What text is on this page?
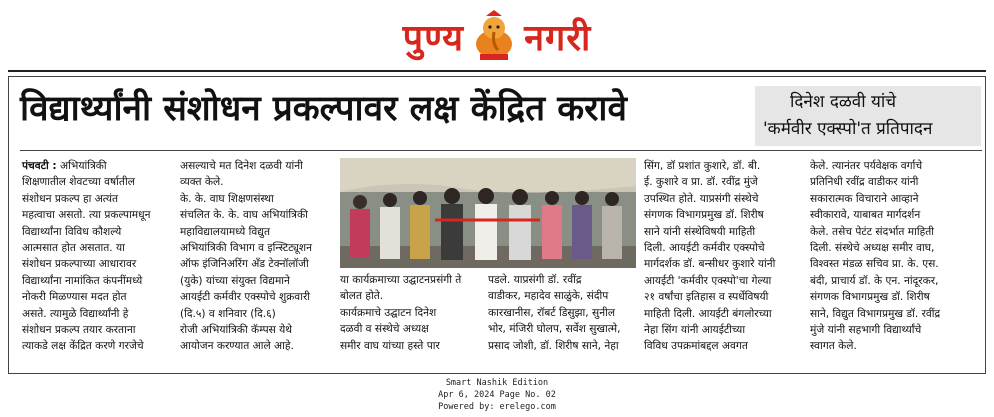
पुण्य नगरी
विद्यार्थ्यांनी संशोधन प्रकल्पावर लक्ष केंद्रित करावे	दिनेश दळवी यांचे
'कर्मवीर एक्स्पो'त प्रतिपादन
पंचवटी : अभियांत्रिकी
शिक्षणातील शेवटच्या वर्षातील
संशोधन प्रकल्प हा अत्यंत
महत्वाचा असतो. त्या प्रकल्पामधून
विद्यार्थ्यांना विविध कौशल्ये
आत्मसात होत असतात. या
संशोधन प्रकल्पाच्या आधारावर
विद्यार्थ्यांना नामांकित कंपनींमध्ये
नोकरी मिळण्यास मदत होत
असते. त्यामुळे विद्यार्थ्यांनी हे
संशोधन प्रकल्प तयार करताना
त्याकडे लक्ष केंद्रित करणे गरजेचे
असल्याचे मत दिनेश दळवी यांनी
व्यक्त केले.
के. के. वाघ शिक्षणसंस्था
संचलित के. के. वाघ अभियांत्रिकी
महाविद्यालयामध्ये विद्युत
अभियांत्रिकी विभाग व इन्स्टिट्यूशन
ऑफ इंजिनिअरिंग अँड टेक्नॉलॉजी
(युके) यांच्या संयुक्त विद्यमाने
आयईटी कर्मवीर एक्स्पोचे शुक्रवारी
(दि.५) व शनिवार (दि.६)
रोजी अभियांत्रिकी कॅम्पस येथे
आयोजन करण्यात आले आहे.
या कार्यक्रमाच्या उद्घाटनप्रसंगी ते
बोलत होते.
कार्यक्रमाचे उद्घाटन दिनेश
दळवी व संस्थेचे अध्यक्ष
समीर वाघ यांच्या हस्ते पार
पडले. याप्रसंगी डॉ. रवींद्र
वाडीकर, महादेव साळुंके, संदीप
कारखानीस, रॉबर्ट डिसुझा, सुनील
भोर, मंजिरी घोलप, सर्वेश सुखात्मे,
प्रसाद जोशी, डॉ. शिरीष साने, नेहा
सिंग, डॉ प्रशांत कुशारे, डॉ. बी.
ई. कुशारे व प्रा. डॉ. रवींद्र मुंजे
उपस्थित होते. याप्रसंगी संस्थेचे
संगणक विभागप्रमुख डॉ. शिरीष
साने यांनी संस्थेविषयी माहिती
दिली. आयईटी कर्मवीर एक्स्पोचे
मार्गदर्शक डॉ. बन्सीधर कुशारे यांनी
आयईटी 'कर्मवीर एक्स्पो'चा गेल्या
२१ वर्षांचा इतिहास व स्पर्धेविषयी
माहिती दिली. आयईटी बंगलोरच्या
नेहा सिंग यांनी आयईटीच्या
विविध उपक्रमांबद्दल अवगत
केले. त्यानंतर पर्यवेक्षक वर्गाचे
प्रतिनिधी रवींद्र वाडीकर यांनी
सकारात्मक विचाराने आव्हाने
स्वीकारावे, याबाबत मार्गदर्शन
केले. तसेच पेटंट संदर्भात माहिती
दिली. संस्थेचे अध्यक्ष समीर वाघ,
विश्वस्त मंडळ सचिव प्रा. के. एस.
बंदी, प्राचार्य डॉ. के एन. नांदूरकर,
संगणक विभागप्रमुख डॉ. शिरीष
साने, विद्युत विभागप्रमुख डॉ. रवींद्र
मुंजे यांनी सहभागी विद्यार्थ्यांचे
स्वागत केले.
Smart Nashik Edition
Apr 6, 2024 Page No. 02
Powered by: erelego.com
